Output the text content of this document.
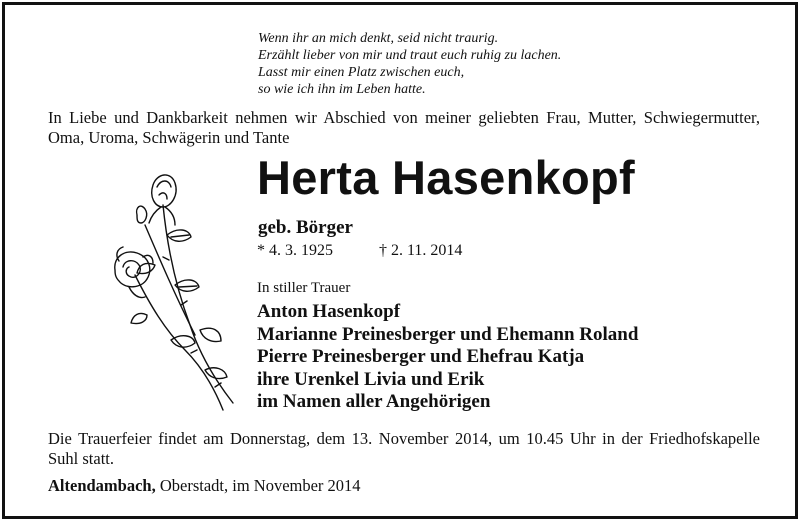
Wenn ihr an mich denkt, seid nicht traurig.
Erzählt lieber von mir und traut euch ruhig zu lachen.
Lasst mir einen Platz zwischen euch,
so wie ich ihn im Leben hatte.
In Liebe und Dankbarkeit nehmen wir Abschied von meiner geliebten Frau, Mutter, Schwiegermutter, Oma, Uroma, Schwägerin und Tante
Herta Hasenkopf
geb. Börger
* 4. 3. 1925	† 2. 11. 2014
In stiller Trauer
Anton Hasenkopf
Marianne Preinesberger und Ehemann Roland
Pierre Preinesberger und Ehefrau Katja
ihre Urenkel Livia und Erik
im Namen aller Angehörigen
Die Trauerfeier findet am Donnerstag, dem 13. November 2014, um 10.45 Uhr in der Friedhofskapelle Suhl statt.
Altendambach, Oberstadt, im November 2014
